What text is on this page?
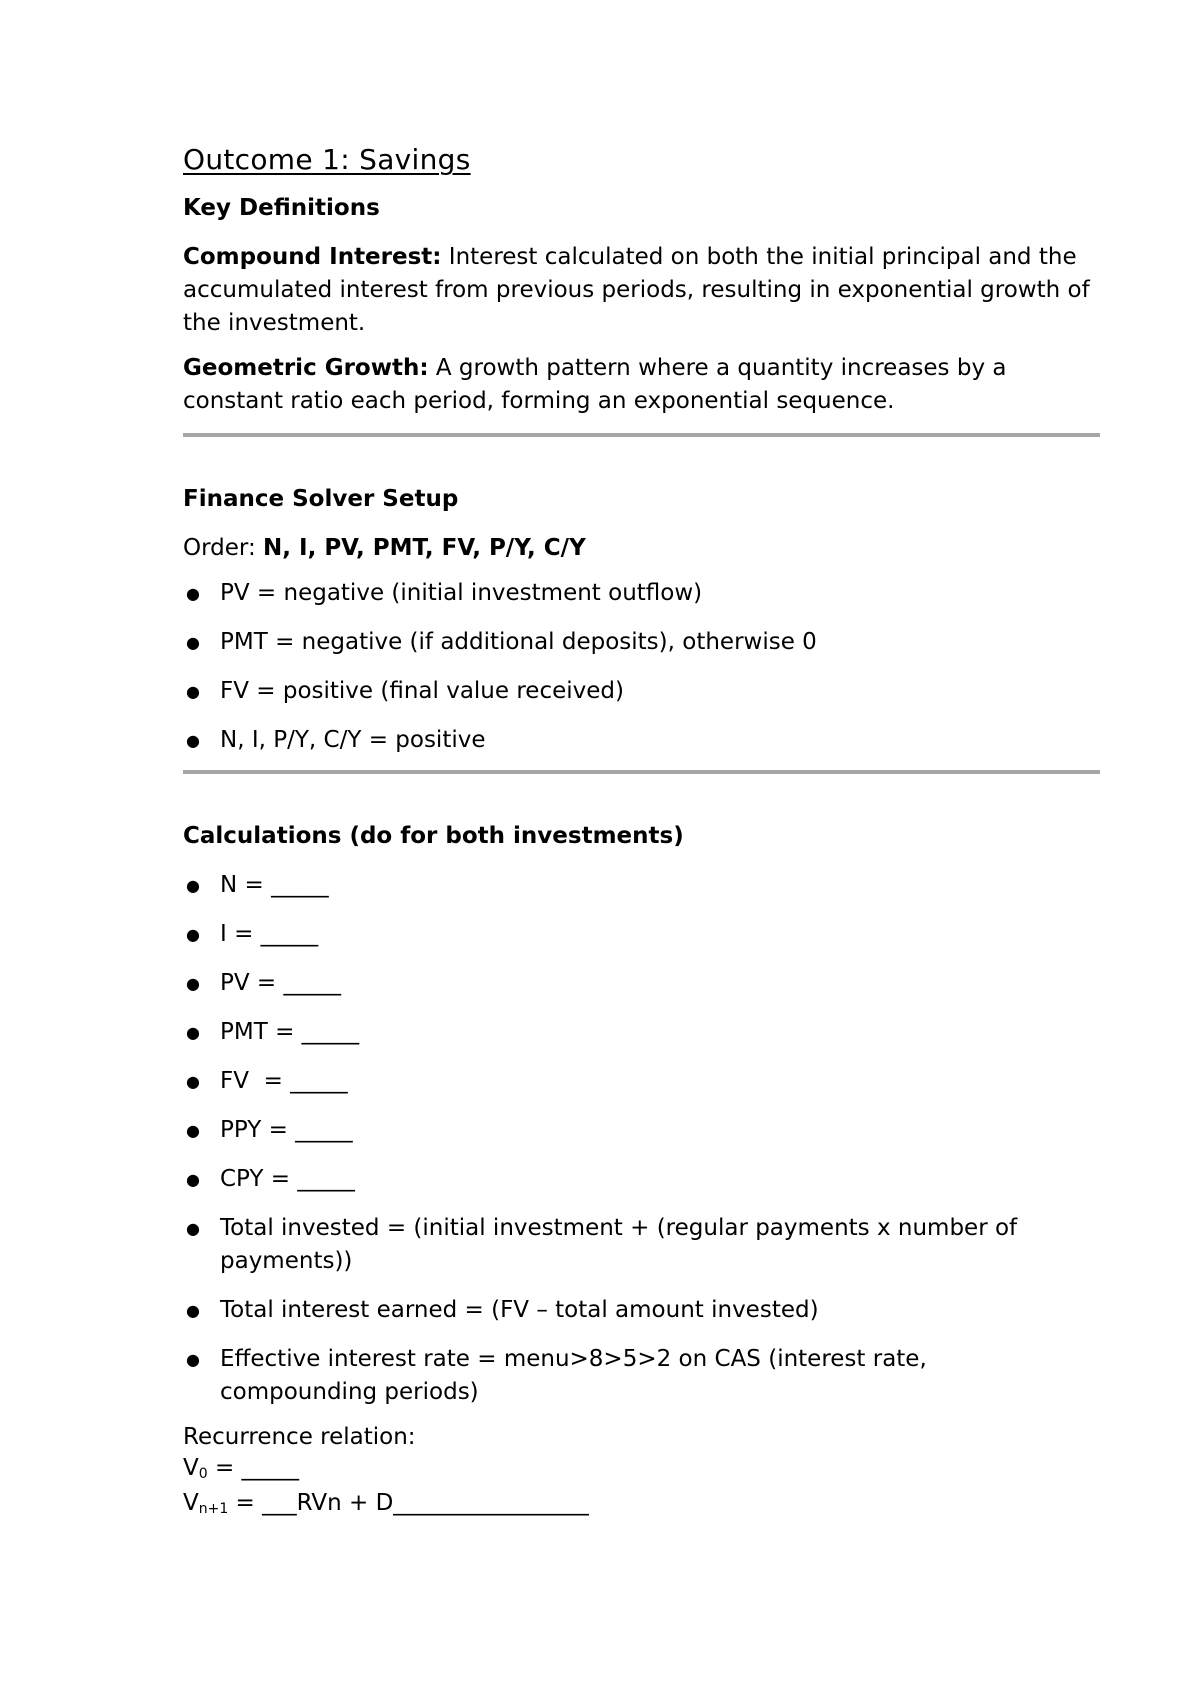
Outcome 1: Savings
Key Definitions

Compound Interest: Interest calculated on both the initial principal and the accumulated interest from previous periods, resulting in exponential growth of the investment.

Geometric Growth: A growth pattern where a quantity increases by a constant ratio each period, forming an exponential sequence.

Finance Solver Setup
Order: N, I, PV, PMT, FV, P/Y, C/Y
● PV = negative (initial investment outflow)
● PMT = negative (if additional deposits), otherwise 0
● FV = positive (final value received)
● N, I, P/Y, C/Y = positive
Calculations (do for both investments)
● N = _____
● I = _____
● PV = _____
● PMT = _____
● FV  = _____
● PPY = _____
● CPY = _____
● Total invested = (initial investment + (regular payments x number of payments))
● Total interest earned = (FV – total amount invested)
● Effective interest rate = menu>8>5>2 on CAS (interest rate, compounding periods)
Recurrence relation:
$V_0$ = _____
$V_{n+1}$ = ___RVn + D_________________
